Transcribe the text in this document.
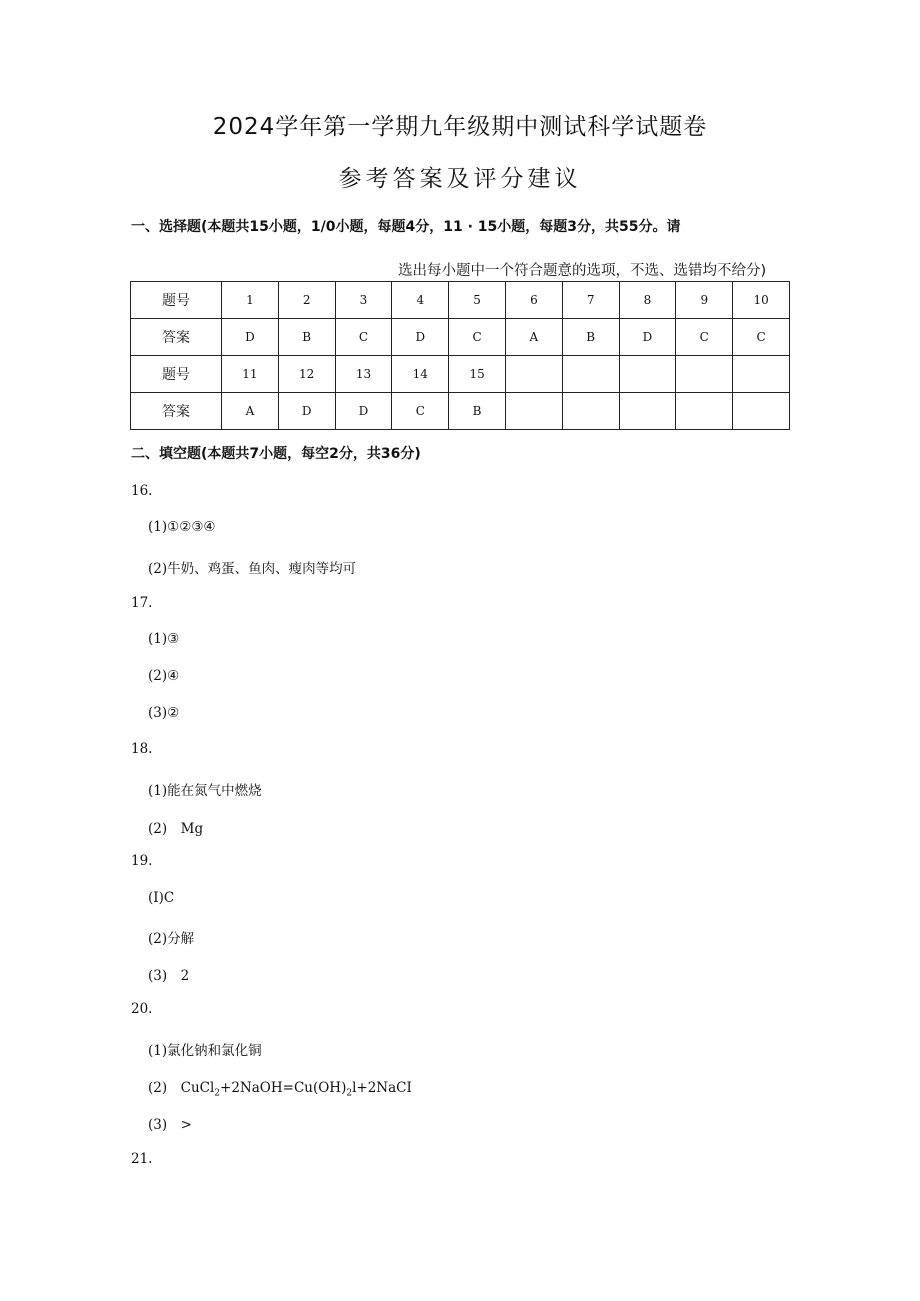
2024学年第一学期九年级期中测试科学试题卷
参考答案及评分建议
一、选择题(本题共15小题，1/0小题，每题4分，11 · 15小题，每题3分，共55分。请
选出每小题中一个符合题意的选项，不选、选错均不给分)
题号	1	2	3	4	5	6	7	8	9	10
答案	D	B	C	D	C	A	B	D	C	C
题号	11	12	13	14	15					
答案	A	D	D	C	B					
二、填空题(本题共7小题，每空2分，共36分)
16.
(1)①②③④
(2)牛奶、鸡蛋、鱼肉、瘦肉等均可
17.
(1)③
(2)④
(3)②
18.
(1)能在氮气中燃烧
(2)　Mg
19.
(I)C
(2)分解
(3)　2
20.
(1)氯化钠和氯化铜
(2)　$CuCl_2+2NaOH=Cu(OH)_2l+2NaCI$
(3)　>
21.
